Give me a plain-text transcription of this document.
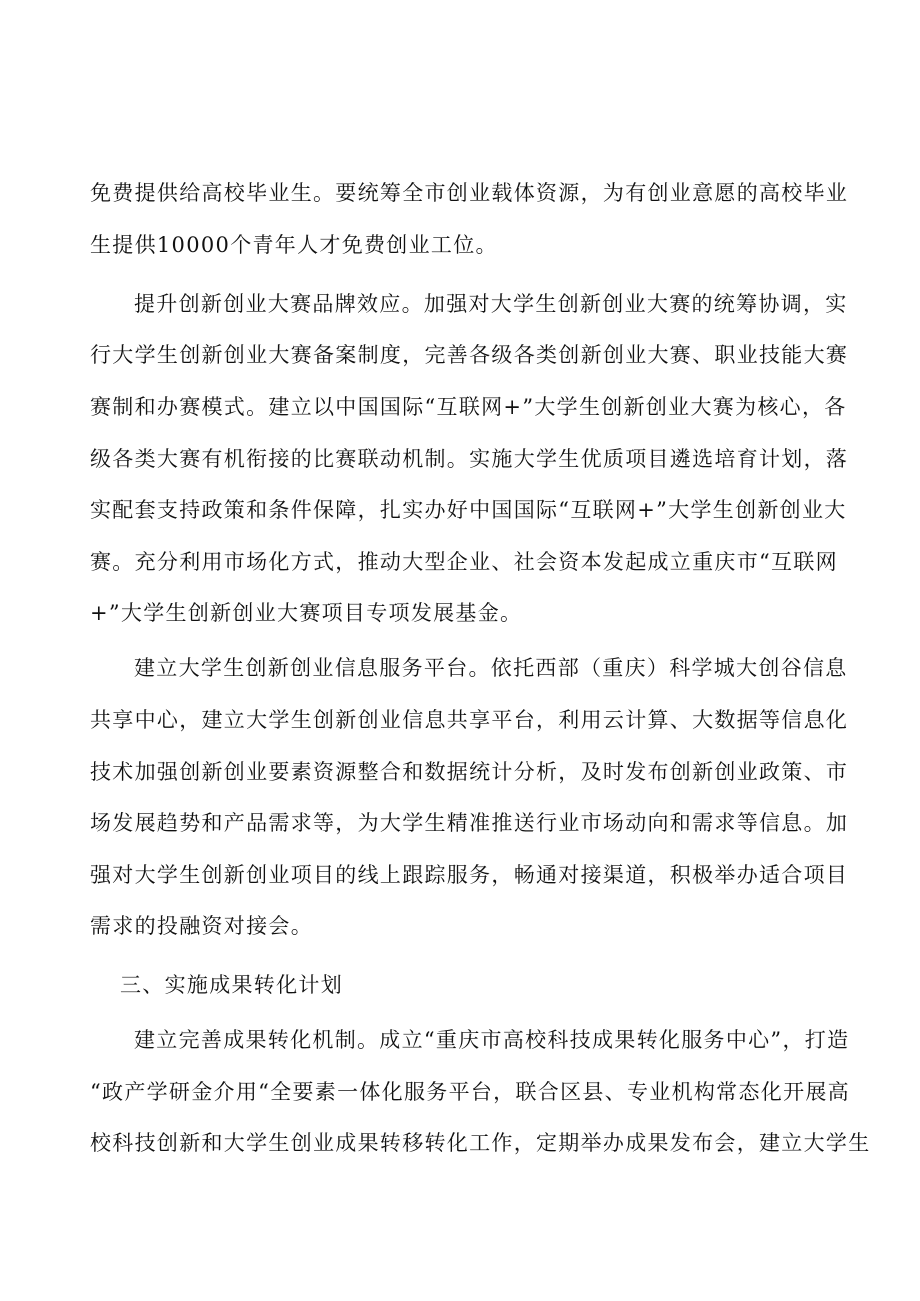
免费提供给高校毕业生。要统筹全市创业载体资源，为有创业意愿的高校毕业
生提供10000个青年人才免费创业工位。
提升创新创业大赛品牌效应。加强对大学生创新创业大赛的统筹协调，实
行大学生创新创业大赛备案制度，完善各级各类创新创业大赛、职业技能大赛
赛制和办赛模式。建立以中国国际“互联网+”大学生创新创业大赛为核心，各
级各类大赛有机衔接的比赛联动机制。实施大学生优质项目遴选培育计划，落
实配套支持政策和条件保障，扎实办好中国国际“互联网+”大学生创新创业大
赛。充分利用市场化方式，推动大型企业、社会资本发起成立重庆市“互联网
+”大学生创新创业大赛项目专项发展基金。
建立大学生创新创业信息服务平台。依托西部（重庆）科学城大创谷信息
共享中心，建立大学生创新创业信息共享平台，利用云计算、大数据等信息化
技术加强创新创业要素资源整合和数据统计分析，及时发布创新创业政策、市
场发展趋势和产品需求等，为大学生精准推送行业市场动向和需求等信息。加
强对大学生创新创业项目的线上跟踪服务，畅通对接渠道，积极举办适合项目
需求的投融资对接会。
三、实施成果转化计划
建立完善成果转化机制。成立“重庆市高校科技成果转化服务中心”，打造
“政产学研金介用“全要素一体化服务平台，联合区县、专业机构常态化开展高
校科技创新和大学生创业成果转移转化工作，定期举办成果发布会，建立大学生
